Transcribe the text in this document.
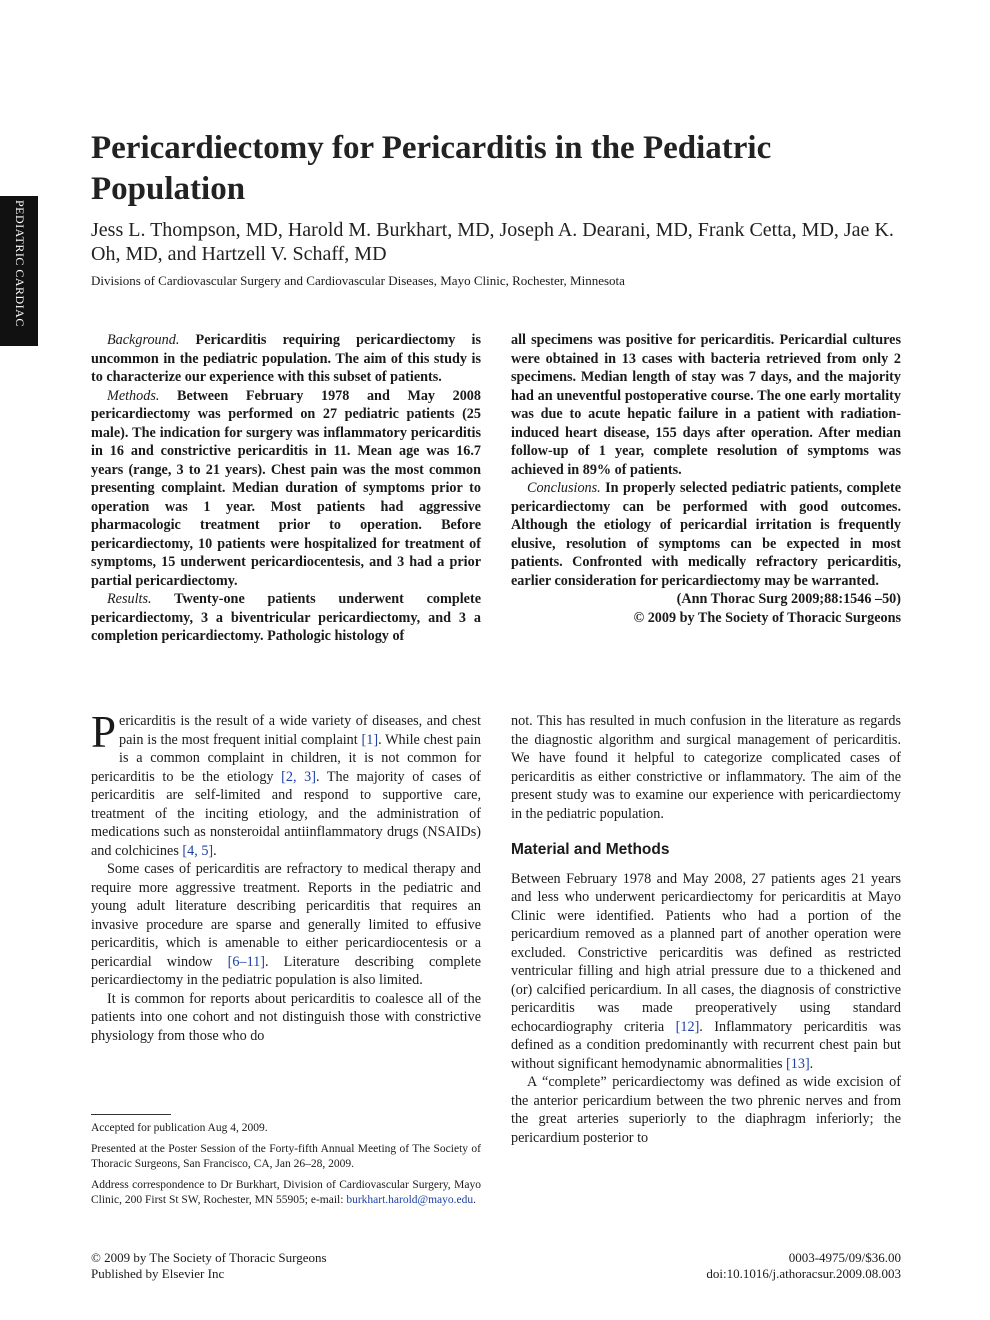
PEDIATRIC CARDIAC
Pericardiectomy for Pericarditis in the Pediatric Population

Jess L. Thompson, MD, Harold M. Burkhart, MD, Joseph A. Dearani, MD, Frank Cetta, MD, Jae K. Oh, MD, and Hartzell V. Schaff, MD

Divisions of Cardiovascular Surgery and Cardiovascular Diseases, Mayo Clinic, Rochester, Minnesota

Background. Pericarditis requiring pericardiectomy is uncommon in the pediatric population. The aim of this study is to characterize our experience with this subset of patients.

Methods. Between February 1978 and May 2008 pericardiectomy was performed on 27 pediatric patients (25 male). The indication for surgery was inflammatory pericarditis in 16 and constrictive pericarditis in 11. Mean age was 16.7 years (range, 3 to 21 years). Chest pain was the most common presenting complaint. Median duration of symptoms prior to operation was 1 year. Most patients had aggressive pharmacologic treatment prior to operation. Before pericardiectomy, 10 patients were hospitalized for treatment of symptoms, 15 underwent pericardiocentesis, and 3 had a prior partial pericardiectomy.

Results. Twenty-one patients underwent complete pericardiectomy, 3 a biventricular pericardiectomy, and 3 a completion pericardiectomy. Pathologic histology of

all specimens was positive for pericarditis. Pericardial cultures were obtained in 13 cases with bacteria retrieved from only 2 specimens. Median length of stay was 7 days, and the majority had an uneventful postoperative course. The one early mortality was due to acute hepatic failure in a patient with radiation-induced heart disease, 155 days after operation. After median follow-up of 1 year, complete resolution of symptoms was achieved in 89% of patients.

Conclusions. In properly selected pediatric patients, complete pericardiectomy can be performed with good outcomes. Although the etiology of pericardial irritation is frequently elusive, resolution of symptoms can be expected in most patients. Confronted with medically refractory pericarditis, earlier consideration for pericardiectomy may be warranted.

(Ann Thorac Surg 2009;88:1546 –50)

© 2009 by The Society of Thoracic Surgeons

Pericarditis is the result of a wide variety of diseases, and chest pain is the most frequent initial complaint [1]. While chest pain is a common complaint in children, it is not common for pericarditis to be the etiology [2, 3]. The majority of cases of pericarditis are self-limited and respond to supportive care, treatment of the inciting etiology, and the administration of medications such as nonsteroidal antiinflammatory drugs (NSAIDs) and colchicines [4, 5].

Some cases of pericarditis are refractory to medical therapy and require more aggressive treatment. Reports in the pediatric and young adult literature describing pericarditis that requires an invasive procedure are sparse and generally limited to effusive pericarditis, which is amenable to either pericardiocentesis or a pericardial window [6–11]. Literature describing complete pericardiectomy in the pediatric population is also limited.

It is common for reports about pericarditis to coalesce all of the patients into one cohort and not distinguish those with constrictive physiology from those who do

not. This has resulted in much confusion in the literature as regards the diagnostic algorithm and surgical management of pericarditis. We have found it helpful to categorize complicated cases of pericarditis as either constrictive or inflammatory. The aim of the present study was to examine our experience with pericardiectomy in the pediatric population.

Material and Methods

Between February 1978 and May 2008, 27 patients ages 21 years and less who underwent pericardiectomy for pericarditis at Mayo Clinic were identified. Patients who had a portion of the pericardium removed as a planned part of another operation were excluded. Constrictive pericarditis was defined as restricted ventricular filling and high atrial pressure due to a thickened and (or) calcified pericardium. In all cases, the diagnosis of constrictive pericarditis was made preoperatively using standard echocardiography criteria [12]. Inflammatory pericarditis was defined as a condition predominantly with recurrent chest pain but without significant hemodynamic abnormalities [13].

A “complete” pericardiectomy was defined as wide excision of the anterior pericardium between the two phrenic nerves and from the great arteries superiorly to the diaphragm inferiorly; the pericardium posterior to

Accepted for publication Aug 4, 2009.

Presented at the Poster Session of the Forty-fifth Annual Meeting of The Society of Thoracic Surgeons, San Francisco, CA, Jan 26–28, 2009.

Address correspondence to Dr Burkhart, Division of Cardiovascular Surgery, Mayo Clinic, 200 First St SW, Rochester, MN 55905; e-mail: burkhart.harold@mayo.edu.

© 2009 by The Society of Thoracic Surgeons
Published by Elsevier Inc
0003-4975/09/$36.00
doi:10.1016/j.athoracsur.2009.08.003
